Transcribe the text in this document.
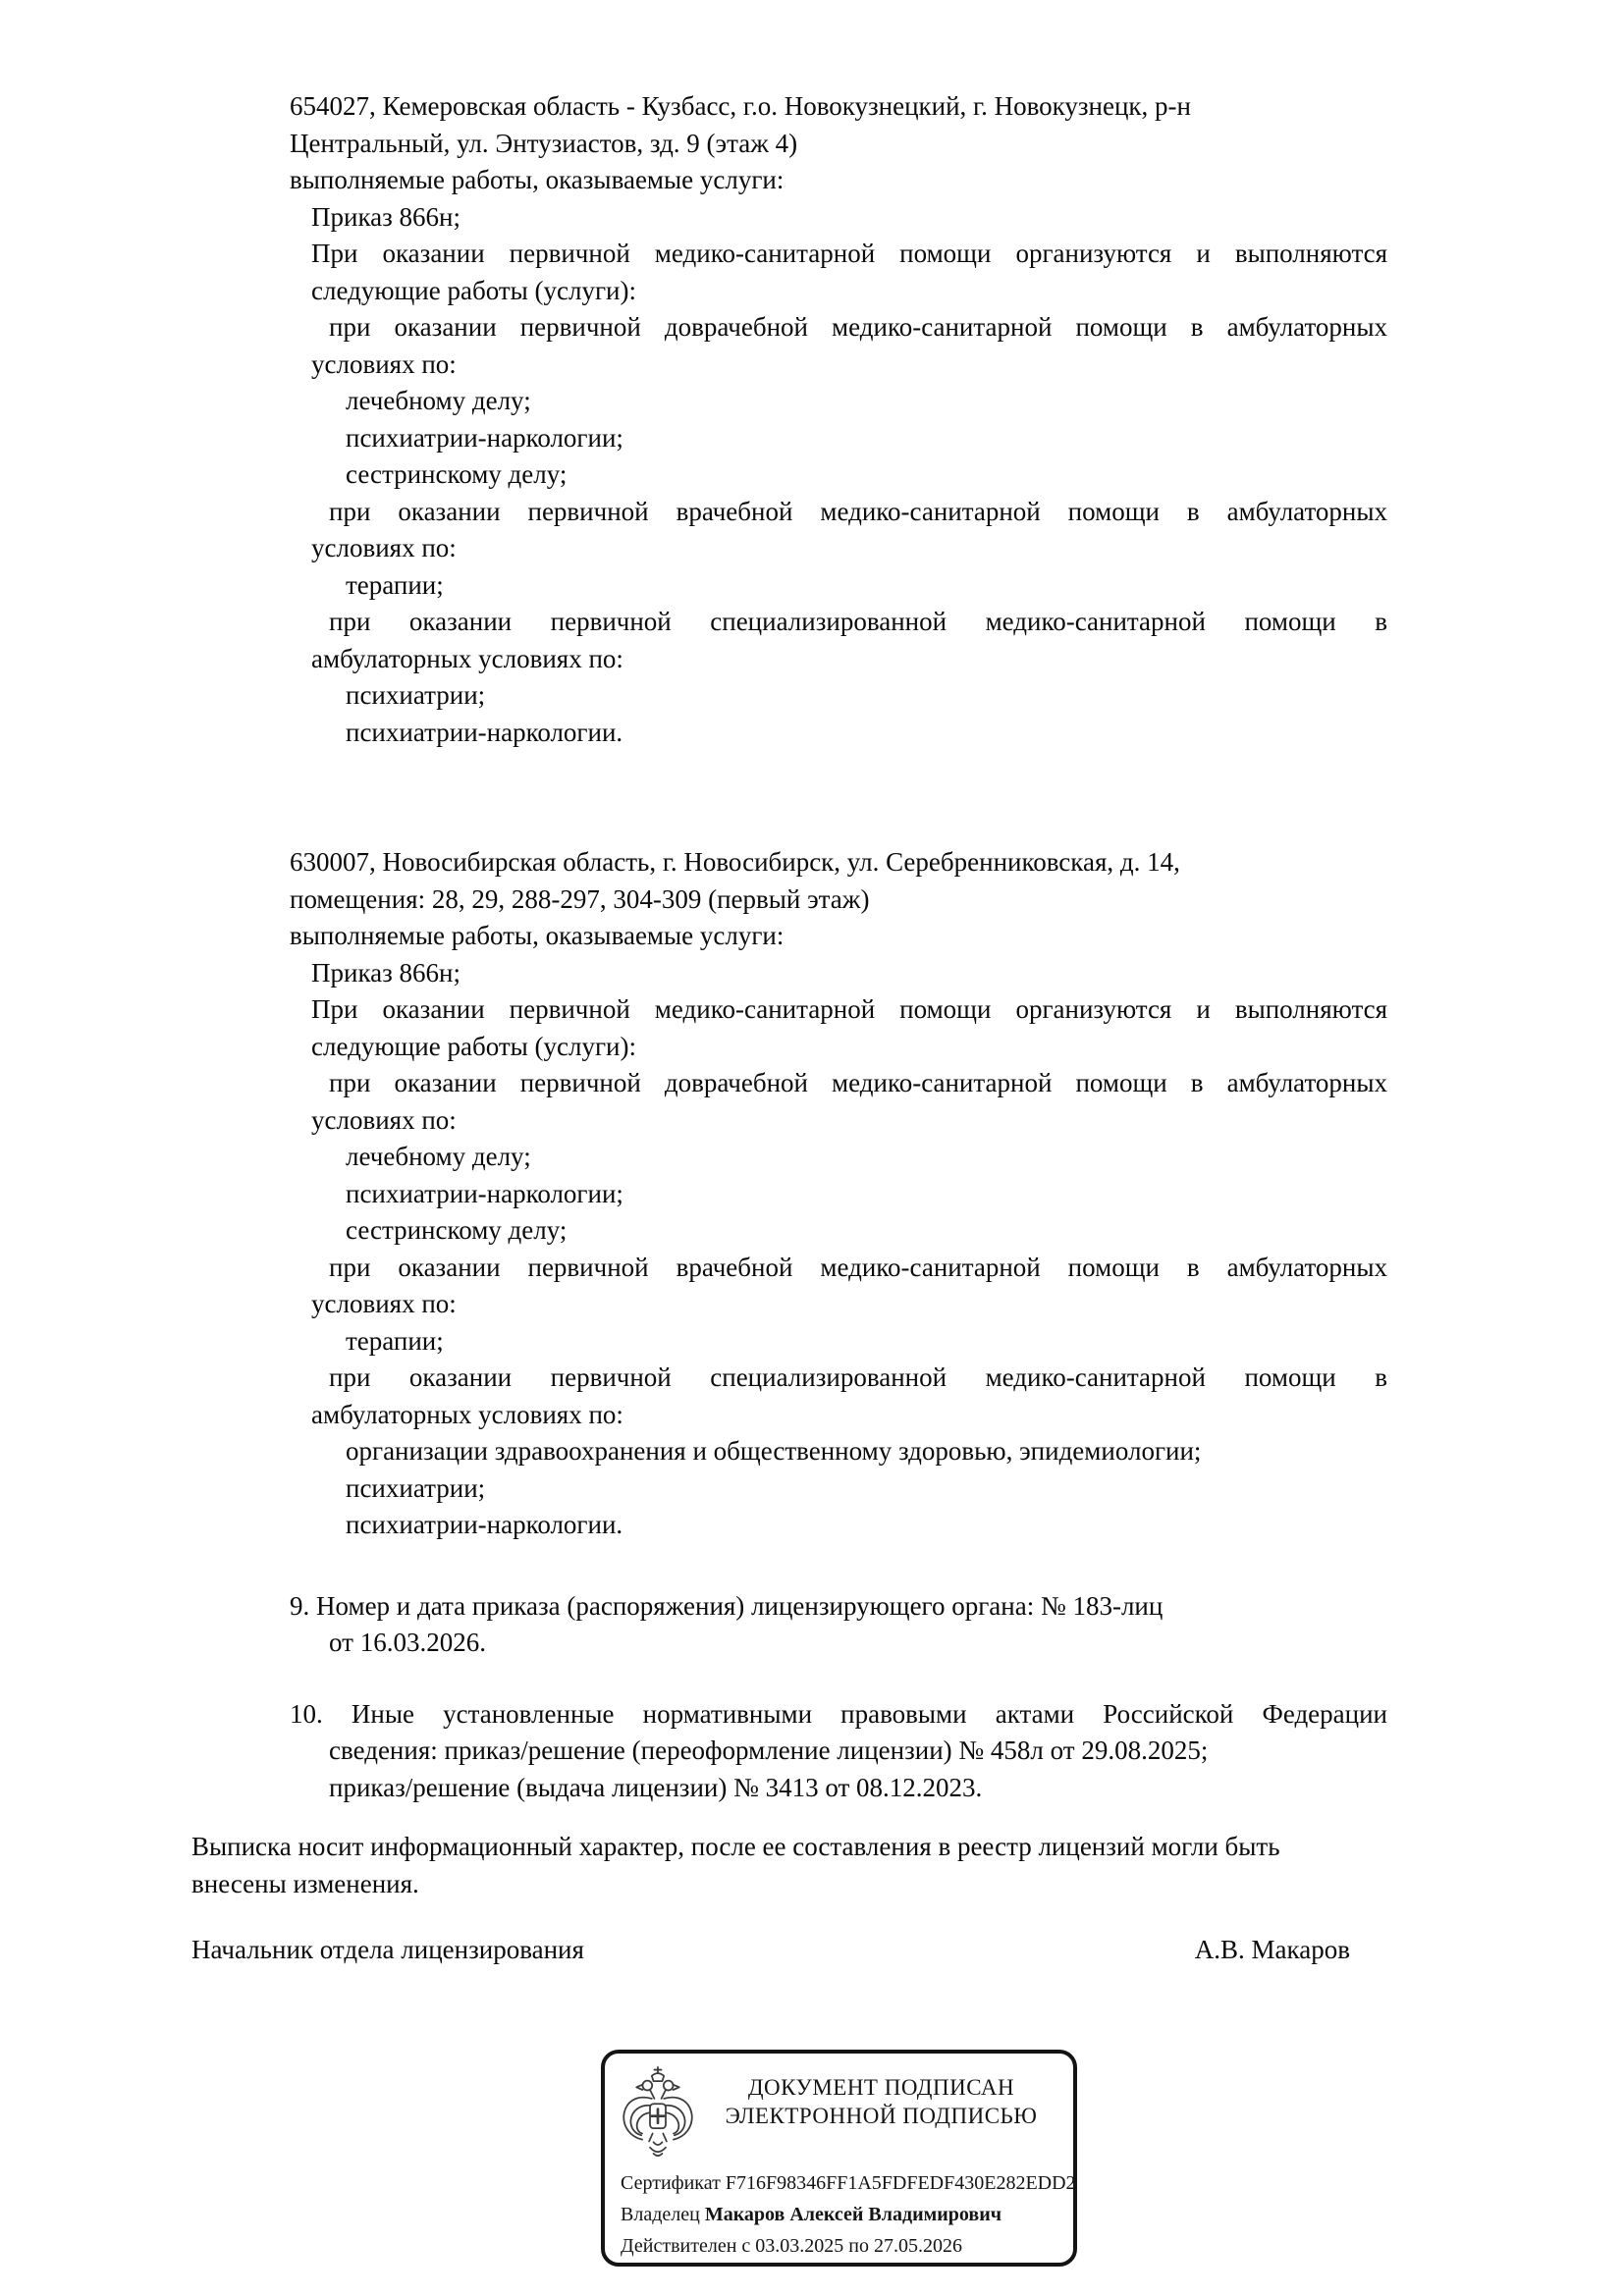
654027, Кемеровская область - Кузбасс, г.о. Новокузнецкий, г. Новокузнецк, р-н
Центральный, ул. Энтузиастов, зд. 9 (этаж 4)
выполняемые работы, оказываемые услуги:
Приказ 866н;
При оказании первичной медико-санитарной помощи организуются и выполняются
следующие работы (услуги):
при оказании первичной доврачебной медико-санитарной помощи в амбулаторных
условиях по:
лечебному делу;
психиатрии-наркологии;
сестринскому делу;
при оказании первичной врачебной медико-санитарной помощи в амбулаторных
условиях по:
терапии;
при оказании первичной специализированной медико-санитарной помощи в
амбулаторных условиях по:
психиатрии;
психиатрии-наркологии.
630007, Новосибирская область, г. Новосибирск, ул. Серебренниковская, д. 14,
помещения: 28, 29, 288-297, 304-309 (первый этаж)
выполняемые работы, оказываемые услуги:
Приказ 866н;
При оказании первичной медико-санитарной помощи организуются и выполняются
следующие работы (услуги):
при оказании первичной доврачебной медико-санитарной помощи в амбулаторных
условиях по:
лечебному делу;
психиатрии-наркологии;
сестринскому делу;
при оказании первичной врачебной медико-санитарной помощи в амбулаторных
условиях по:
терапии;
при оказании первичной специализированной медико-санитарной помощи в
амбулаторных условиях по:
организации здравоохранения и общественному здоровью, эпидемиологии;
психиатрии;
психиатрии-наркологии.
9. Номер и дата приказа (распоряжения) лицензирующего органа: № 183-лиц
от 16.03.2026.
10. Иные установленные нормативными правовыми актами Российской Федерации
сведения: приказ/решение (переоформление лицензии) № 458л от 29.08.2025;
приказ/решение (выдача лицензии) № 3413 от 08.12.2023.
Выписка носит информационный характер, после ее составления в реестр лицензий могли быть
внесены изменения.
Начальник отдела лицензирования	А.В. Макаров
ДОКУМЕНТ ПОДПИСАН
ЭЛЕКТРОННОЙ ПОДПИСЬЮ
Сертификат F716F98346FF1A5FDFEDF430E282EDD2
Владелец Макаров Алексей Владимирович
Действителен с 03.03.2025 по 27.05.2026
